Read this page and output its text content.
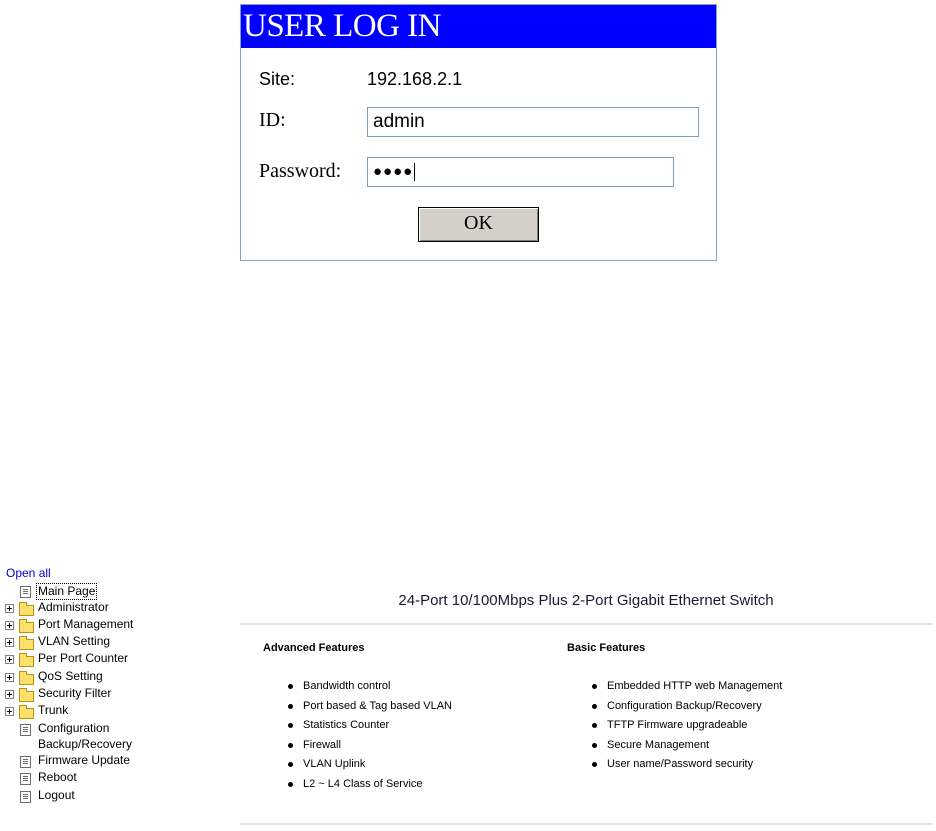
USER LOG IN
Site:	192.168.2.1
ID:	admin
Password:	●●●●
OK
Open all
Main Page
Administrator
Port Management
VLAN Setting
Per Port Counter
QoS Setting
Security Filter
Trunk
Configuration
Backup/Recovery
Firmware Update
Reboot
Logout
24-Port 10/100Mbps Plus 2-Port Gigabit Ethernet Switch
Advanced Features	Basic Features
Bandwidth control
Port based & Tag based VLAN
Statistics Counter
Firewall
VLAN Uplink
L2 ~ L4 Class of Service
Embedded HTTP web Management
Configuration Backup/Recovery
TFTP Firmware upgradeable
Secure Management
User name/Password security
